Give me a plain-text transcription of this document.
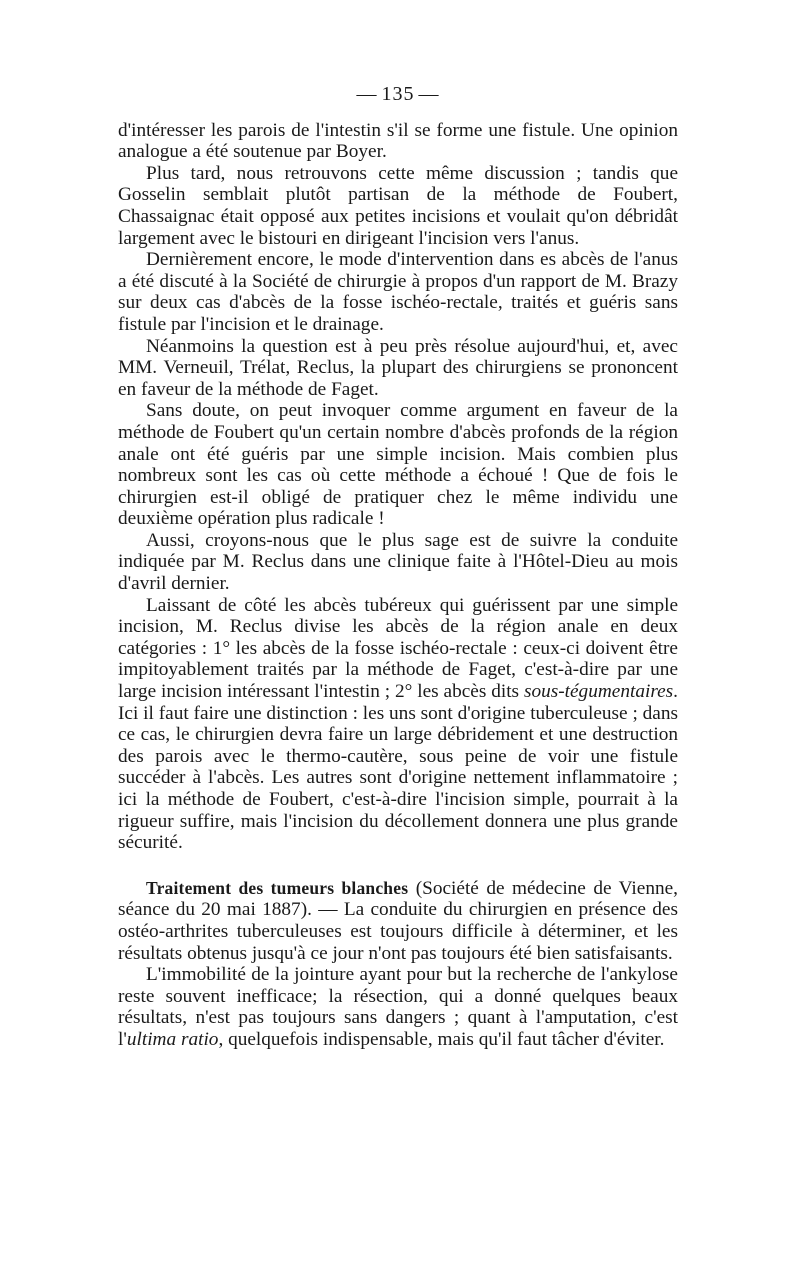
— 135 —

d'intéresser les parois de l'intestin s'il se forme une fistule. Une opinion analogue a été soutenue par Boyer.

Plus tard, nous retrouvons cette même discussion ; tandis que Gosselin semblait plutôt partisan de la méthode de Foubert, Chassaignac était opposé aux petites incisions et voulait qu'on débridât largement avec le bistouri en dirigeant l'incision vers l'anus.

Dernièrement encore, le mode d'intervention dans es abcès de l'anus a été discuté à la Société de chirurgie à propos d'un rapport de M. Brazy sur deux cas d'abcès de la fosse ischéo-rectale, traités et guéris sans fistule par l'incision et le drainage.

Néanmoins la question est à peu près résolue aujourd'hui, et, avec MM. Verneuil, Trélat, Reclus, la plupart des chirurgiens se prononcent en faveur de la méthode de Faget.

Sans doute, on peut invoquer comme argument en faveur de la méthode de Foubert qu'un certain nombre d'abcès profonds de la région anale ont été guéris par une simple incision. Mais combien plus nombreux sont les cas où cette méthode a échoué ! Que de fois le chirurgien est-il obligé de pratiquer chez le même individu une deuxième opération plus radicale !

Aussi, croyons-nous que le plus sage est de suivre la conduite indiquée par M. Reclus dans une clinique faite à l'Hôtel-Dieu au mois d'avril dernier.

Laissant de côté les abcès tubéreux qui guérissent par une simple incision, M. Reclus divise les abcès de la région anale en deux catégories : 1° les abcès de la fosse ischéo-rectale : ceux-ci doivent être impitoyablement traités par la méthode de Faget, c'est-à-dire par une large incision intéressant l'intestin ; 2° les abcès dits sous-tégumentaires. Ici il faut faire une distinction : les uns sont d'origine tuberculeuse ; dans ce cas, le chirurgien devra faire un large débridement et une destruction des parois avec le thermo-cautère, sous peine de voir une fistule succéder à l'abcès. Les autres sont d'origine nettement inflammatoire ; ici la méthode de Foubert, c'est-à-dire l'incision simple, pourrait à la rigueur suffire, mais l'incision du décollement donnera une plus grande sécurité.

Traitement des tumeurs blanches (Société de médecine de Vienne, séance du 20 mai 1887). — La conduite du chirurgien en présence des ostéo-arthrites tuberculeuses est toujours difficile à déterminer, et les résultats obtenus jusqu'à ce jour n'ont pas toujours été bien satisfaisants.

L'immobilité de la jointure ayant pour but la recherche de l'ankylose reste souvent inefficace; la résection, qui a donné quelques beaux résultats, n'est pas toujours sans dangers ; quant à l'amputation, c'est l'ultima ratio, quelquefois indispensable, mais qu'il faut tâcher d'éviter.
